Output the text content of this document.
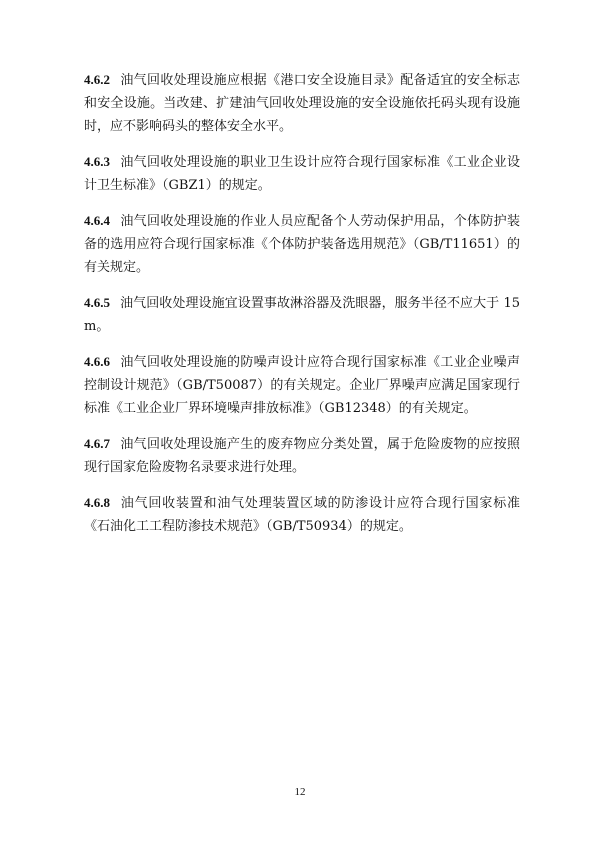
4.6.2 油气回收处理设施应根据《港口安全设施目录》配备适宜的安全标志和安全设施。当改建、扩建油气回收处理设施的安全设施依托码头现有设施时，应不影响码头的整体安全水平。

4.6.3 油气回收处理设施的职业卫生设计应符合现行国家标准《工业企业设计卫生标准》（GBZ1）的规定。

4.6.4 油气回收处理设施的作业人员应配备个人劳动保护用品，个体防护装备的选用应符合现行国家标准《个体防护装备选用规范》（GB/T11651）的有关规定。

4.6.5 油气回收处理设施宜设置事故淋浴器及洗眼器，服务半径不应大于 15m。

4.6.6 油气回收处理设施的防噪声设计应符合现行国家标准《工业企业噪声控制设计规范》（GB/T50087）的有关规定。企业厂界噪声应满足国家现行标准《工业企业厂界环境噪声排放标准》（GB12348）的有关规定。

4.6.7 油气回收处理设施产生的废弃物应分类处置，属于危险废物的应按照现行国家危险废物名录要求进行处理。

4.6.8 油气回收装置和油气处理装置区域的防渗设计应符合现行国家标准《石油化工工程防渗技术规范》（GB/T50934）的规定。

12
